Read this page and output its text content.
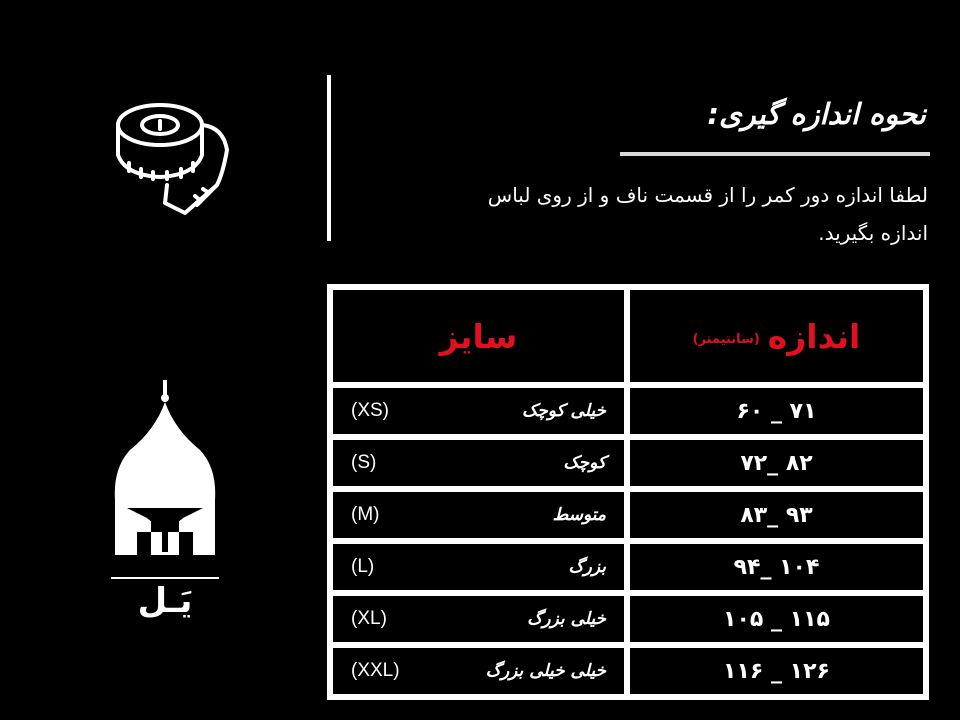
نحوه اندازه گیری:
لطفا اندازه دور کمر را از قسمت ناف و از روی لباس
اندازه بگیرید.
یَـل
سایز	اندازه
(سانتیمتر)
(XS)	خیلی کوچک	۶۰ _ ۷۱
(S)	کوچک	۷۲_ ۸۲
(M)	متوسط	۸۳_ ۹۳
(L)	بزرگ	۹۴_ ۱۰۴
(XL)	خیلی بزرگ	۱۰۵ _ ۱۱۵
(XXL)	خیلی خیلی بزرگ	۱۱۶ _ ۱۲۶
